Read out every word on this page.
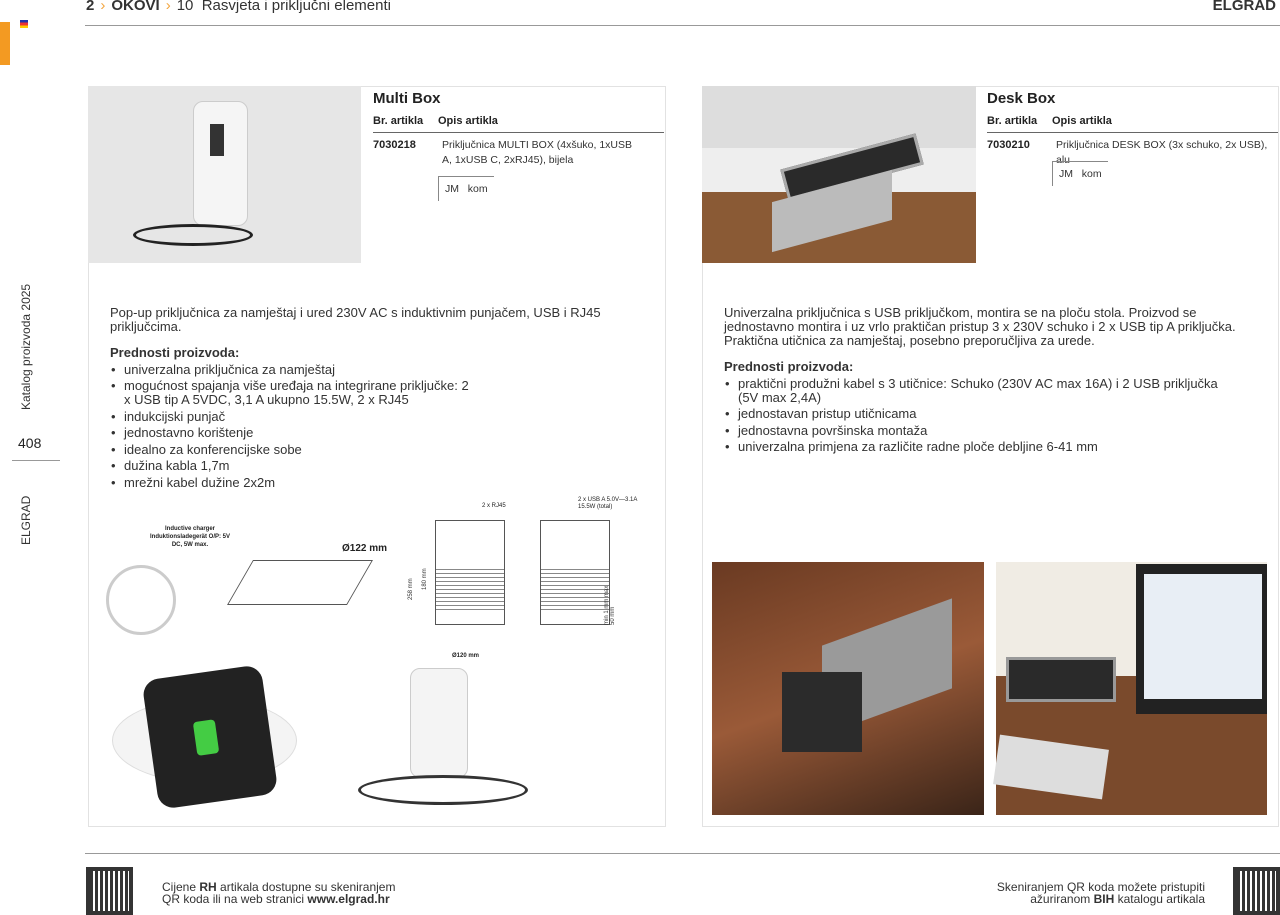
2 › OKOVI › 10 Rasvjeta i priključni elementi	ELGRAD
Katalog proizvoda 2025
408
ELGRAD
Multi Box
Br. artikla Opis artikla
7030218 Priključnica MULTI BOX (4xšuko, 1xUSB A, 1xUSB C, 2xRJ45), bijela
JM kom

Pop-up priključnica za namještaj i ured 230V AC s induktivnim punjačem, USB i RJ45 priključcima.

Prednosti proizvoda:
• univerzalna priključnica za namještaj
• mogućnost spajanja više uređaja na integrirane priključke: 2 x USB tip A 5VDC, 3,1 A ukupno 15.5W, 2 x RJ45
• indukcijski punjač
• jednostavno korištenje
• idealno za konferencijske sobe
• dužina kabla 1,7m
• mrežni kabel dužine 2x2m
Inductive charger Induktionsladegerät O/P: 5V DC, 5W max.	Ø122 mm
2 x RJ45
2 x USB A 5.0V—3.1A 15.5W (total)
258 mm 180 mm
Ø120 mm
min 1 mm max 50 mm
Desk Box
Br. artikla Opis artikla
7030210 Priključnica DESK BOX (3x schuko, 2x USB), alu
JM kom

Univerzalna priključnica s USB priključkom, montira se na ploču stola. Proizvod se jednostavno montira i uz vrlo praktičan pristup 3 x 230V schuko i 2 x USB tip A priključka. Praktična utičnica za namještaj, posebno preporučljiva za urede.

Prednosti proizvoda:
• praktični produžni kabel s 3 utičnice: Schuko (230V AC max 16A) i 2 USB priključka (5V max 2,4A)
• jednostavan pristup utičnicama
• jednostavna površinska montaža
• univerzalna primjena za različite radne ploče debljine 6-41 mm
Cijene RH artikala dostupne su skeniranjem
QR koda ili na web stranici www.elgrad.hr
Skeniranjem QR koda možete pristupiti
ažuriranom BIH katalogu artikala
